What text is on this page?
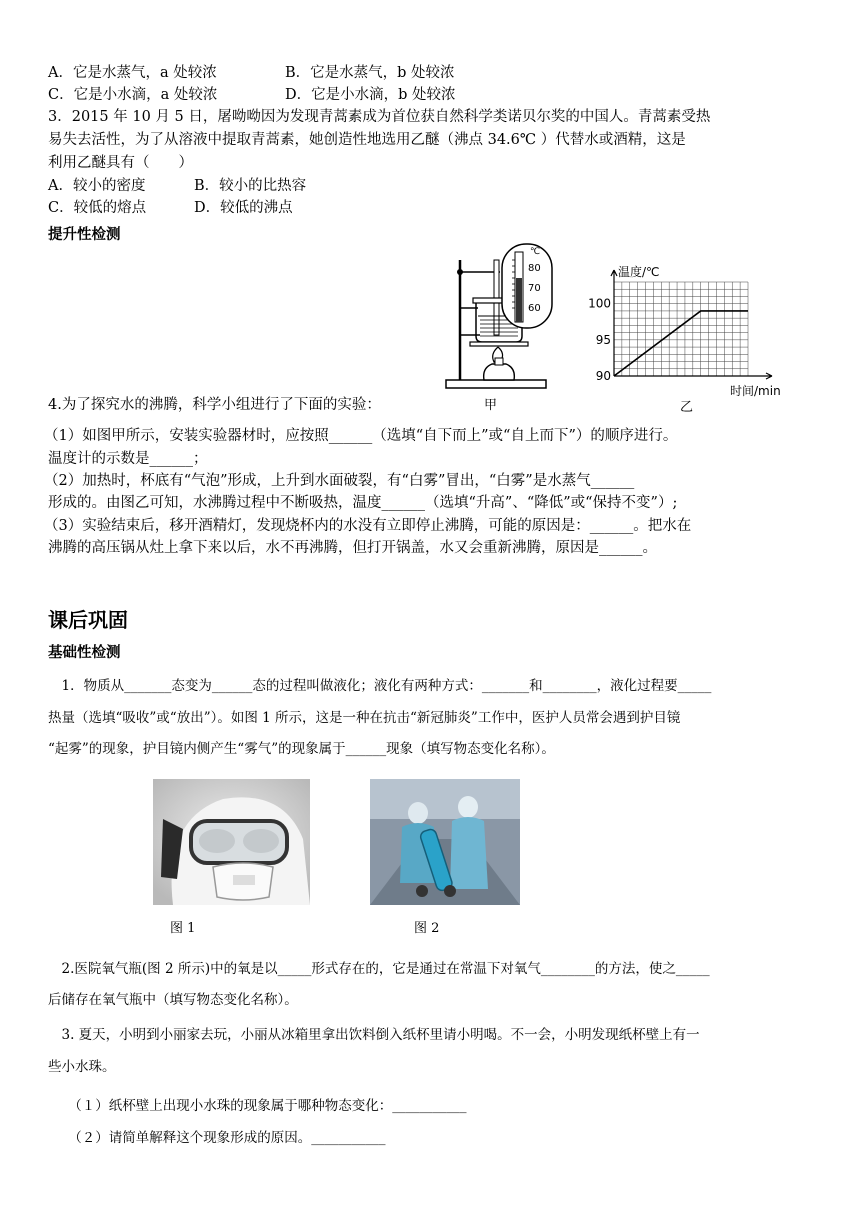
A．它是水蒸气，a 处较浓	B．它是水蒸气，b 处较浓
C．它是小水滴，a 处较浓	D．它是小水滴，b 处较浓
3．2015 年 10 月 5 日，屠呦呦因为发现青蒿素成为首位获自然科学类诺贝尔奖的中国人。青蒿素受热
易失去活性，为了从溶液中提取青蒿素，她创造性地选用乙醚（沸点 34.6℃ ）代替水或酒精，这是
利用乙醚具有（　　）
A．较小的密度	B．较小的比热容
C．较低的熔点	D．较低的沸点
提升性检测
℃
80
70
60
甲
90
95
100
温度/℃
时间/min
乙
4.为了探究水的沸腾，科学小组进行了下面的实验：
（1）如图甲所示，安装实验器材时，应按照______（选填“自下而上”或“自上而下”）的顺序进行。
温度计的示数是______；
（2）加热时，杯底有“气泡”形成，上升到水面破裂，有“白雾”冒出，“白雾”是水蒸气______
形成的。由图乙可知，水沸腾过程中不断吸热，温度______（选填“升高”、“降低”或“保持不变”）;
（3）实验结束后，移开酒精灯，发现烧杯内的水没有立即停止沸腾，可能的原因是：______。把水在
沸腾的高压锅从灶上拿下来以后，水不再沸腾，但打开锅盖，水又会重新沸腾，原因是______。
课后巩固
基础性检测
　1．物质从_______态变为______态的过程叫做液化；液化有两种方式：_______和________，液化过程要_____
热量（选填“吸收”或“放出”）。如图 1 所示，这是一种在抗击“新冠肺炎”工作中，医护人员常会遇到护目镜
“起雾”的现象，护目镜内侧产生“雾气”的现象属于______现象（填写物态变化名称）。
图 1	图 2
　2.医院氧气瓶(图 2 所示)中的氧是以_____形式存在的，它是通过在常温下对氧气________的方法，使之_____
后储存在氧气瓶中（填写物态变化名称）。
　3. 夏天，小明到小丽家去玩，小丽从冰箱里拿出饮料倒入纸杯里请小明喝。不一会，小明发现纸杯壁上有一
些小水珠。
　　（１）纸杯壁上出现小水珠的现象属于哪种物态变化：___________
　　（２）请简单解释这个现象形成的原因。___________
